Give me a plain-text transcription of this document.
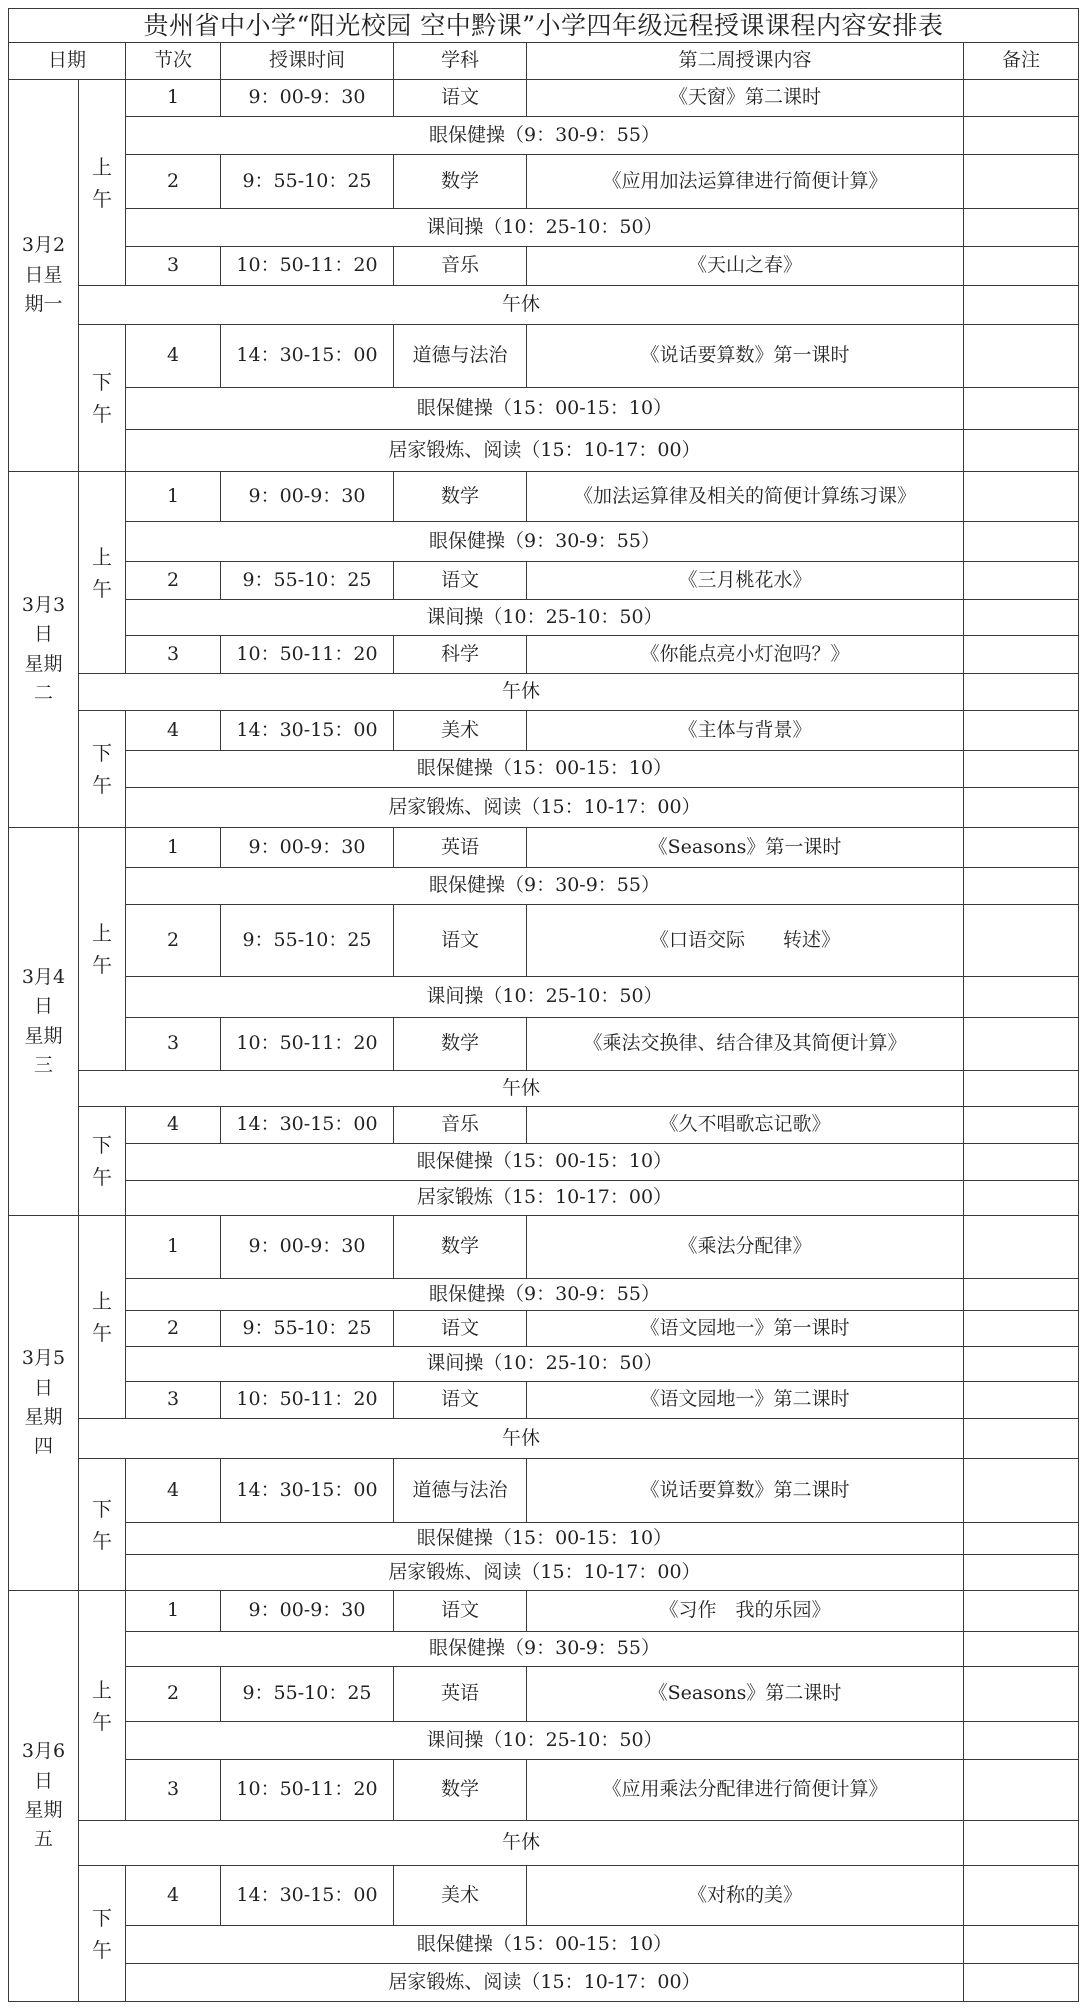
贵州省中小学“阳光校园 空中黔课”小学四年级远程授课课程内容安排表						
日期		节次	授课时间	学科	第二周授课内容	备注

3月2
日星
期一	上午	1	9：00-9：30	语文	《天窗》第二课时	
		眼保健操（9：30-9：55）				
		2	9：55-10：25	数学	《应用加法运算律进行简便计算》	
		课间操（10：25-10：50）				
		3	10：50-11：20	音乐	《天山之春》	
	午休					

	下午	4	14：30-15：00	道德与法治	《说话要算数》第一课时	
		眼保健操（15：00-15：10）				
		居家锻炼、阅读（15：10-17：00）				

3月3
日
星期
二	上午	1	9：00-9：30	数学	《加法运算律及相关的简便计算练习课》	
		眼保健操（9：30-9：55）				
		2	9：55-10：25	语文	《三月桃花水》	
		课间操（10：25-10：50）				
		3	10：50-11：20	科学	《你能点亮小灯泡吗？》	
	午休					

	下午	4	14：30-15：00	美术	《主体与背景》	
		眼保健操（15：00-15：10）				
		居家锻炼、阅读（15：10-17：00）				

3月4
日
星期
三	上午	1	9：00-9：30	英语	《Seasons》第一课时	
		眼保健操（9：30-9：55）				
		2	9：55-10：25	语文	《口语交际　　转述》	
		课间操（10：25-10：50）				
		3	10：50-11：20	数学	《乘法交换律、结合律及其简便计算》	
	午休					

	下午	4	14：30-15：00	音乐	《久不唱歌忘记歌》	
		眼保健操（15：00-15：10）				
		居家锻炼（15：10-17：00）				

3月5
日
星期
四	上午	1	9：00-9：30	数学	《乘法分配律》	
		眼保健操（9：30-9：55）				
		2	9：55-10：25	语文	《语文园地一》第一课时	
		课间操（10：25-10：50）				
		3	10：50-11：20	语文	《语文园地一》第二课时	
	午休					

	下午	4	14：30-15：00	道德与法治	《说话要算数》第二课时	
		眼保健操（15：00-15：10）				
		居家锻炼、阅读（15：10-17：00）				

3月6
日
星期
五	上午	1	9：00-9：30	语文	《习作　我的乐园》	
		眼保健操（9：30-9：55）				
		2	9：55-10：25	英语	《Seasons》第二课时	
		课间操（10：25-10：50）				
		3	10：50-11：20	数学	《应用乘法分配律进行简便计算》	
	午休					

	下午	4	14：30-15：00	美术	《对称的美》	
		眼保健操（15：00-15：10）				
		居家锻炼、阅读（15：10-17：00）				
